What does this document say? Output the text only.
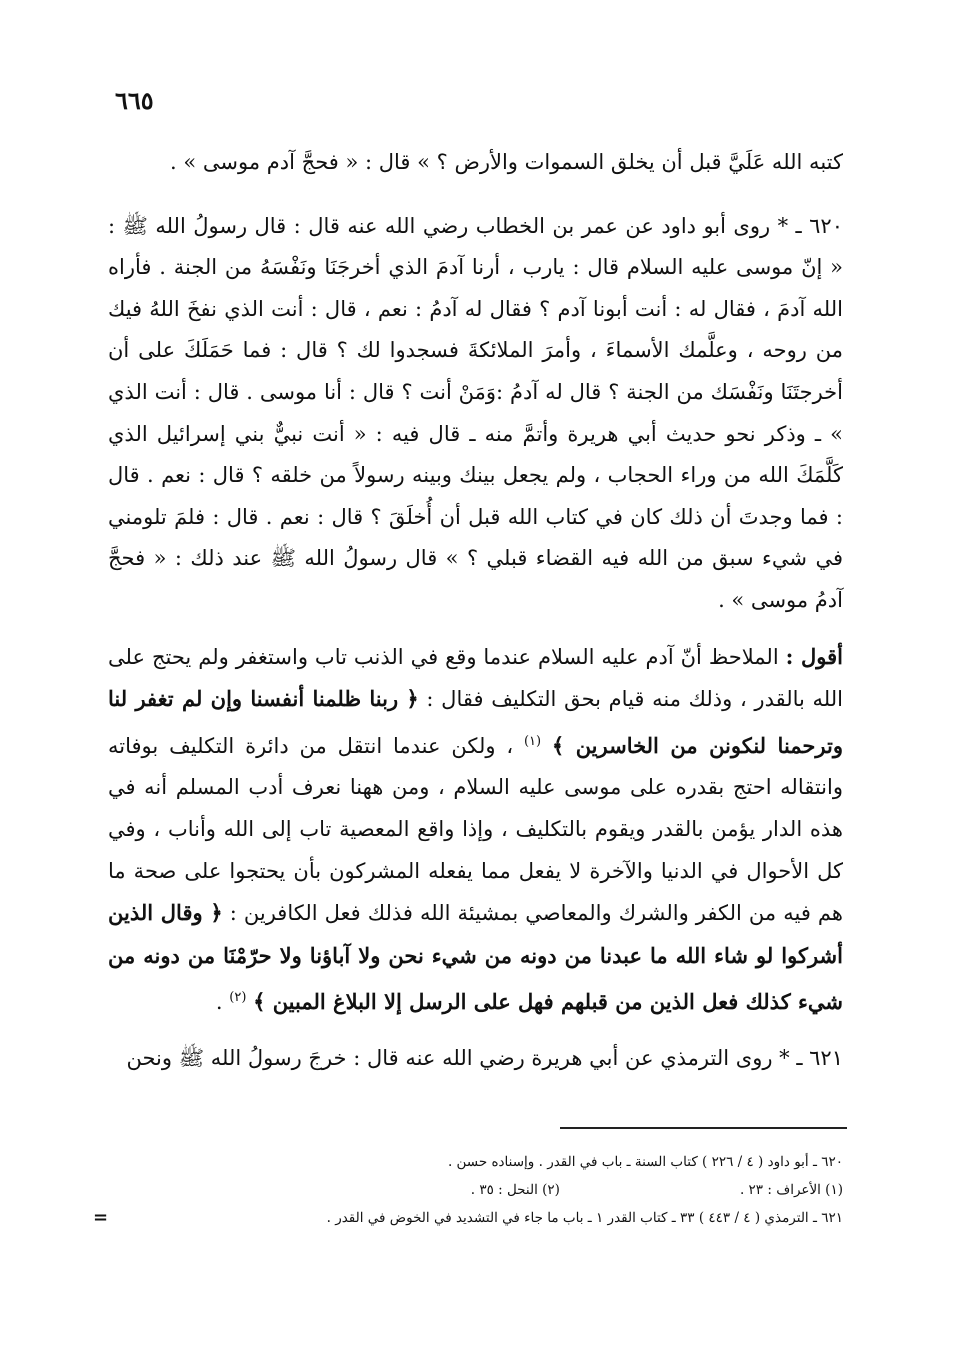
٦٦٥

كتبه الله عَلَيَّ قبل أن يخلق السموات والأرض ؟ » قال : « فحجَّ آدم موسى » .

٦٢٠ ـ * روى أبو داود عن عمر بن الخطاب رضي الله عنه قال : قال رسولُ الله ﷺ : « إنّ موسى عليه السلام قال : يارب ، أرنا آدمَ الذي أخرجَنَا ونَفْسَهُ من الجنة . فأراه الله آدمَ ، فقال له : أنت أبونا آدم ؟ فقال له آدمُ : نعم ، قال : أنت الذي نفخَ اللهُ فيك من روحه ، وعلَّمك الأسماءَ ، وأمرَ الملائكةَ فسجدوا لك ؟ قال : فما حَمَلَكَ على أن أخرجتَنَا ونَفْسَك من الجنة ؟ قال له آدمُ :وَمَنْ أنت ؟ قال : أنا موسى . قال : أنت الذي » ـ وذكر نحو حديث أبي هريرة وأتمَّ منه ـ قال فيه : « أنت نبيٌّ بني إسرائيل الذي كَلَّمَكَ الله من وراء الحجاب ، ولم يجعل بينك وبينه رسولاً من خلقه ؟ قال : نعم . قال : فما وجدتَ أن ذلك كان في كتاب الله قبل أن أُخلَقَ ؟ قال : نعم . قال : فلمَ تلومني في شيء سبق من الله فيه القضاء قبلي ؟ » قال رسولُ الله ﷺ عند ذلك : « فحجَّ آدمُ موسى » .

أقول : الملاحظ أنّ آدم عليه السلام عندما وقع في الذنب تاب واستغفر ولم يحتج على الله بالقدر ، وذلك منه قيام بحق التكليف فقال : ﴿ ربنا ظلمنا أنفسنا وإن لم تغفر لنا وترحمنا لنكونن من الخاسرين ﴾ $^{(١)}$ ، ولكن عندما انتقل من دائرة التكليف بوفاته وانتقاله احتج بقدره على موسى عليه السلام ، ومن ههنا نعرف أدب المسلم أنه في هذه الدار يؤمن بالقدر ويقوم بالتكليف ، وإذا واقع المعصية تاب إلى الله وأناب ، وفي كل الأحوال في الدنيا والآخرة لا يفعل مما يفعله المشركون بأن يحتجوا على صحة ما هم فيه من الكفر والشرك والمعاصي بمشيئة الله فذلك فعل الكافرين : ﴿ وقال الذين أشركوا لو شاء الله ما عبدنا من دونه من شيء نحن ولا آباؤنا ولا حرّمْنَا من دونه من شيء كذلك فعل الذين من قبلهم فهل على الرسل إلا البلاغ المبين ﴾ $^{(٢)}$ .

٦٢١ ـ * روى الترمذي عن أبي هريرة رضي الله عنه قال : خرجَ رسولُ الله ﷺ ونحن

٦٢٠ ـ أبو داود ( ٤ / ٢٢٦ ) كتاب السنة ـ باب في القدر . وإسناده حسن .

(١) الأعراف : ٢٣ .
(٢) النحل : ٣٥ .

٦٢١ ـ الترمذي ( ٤ / ٤٤٣ ) ٣٣ ـ كتاب القدر ١ ـ باب ما جاء في التشديد في الخوض في القدر .

=
